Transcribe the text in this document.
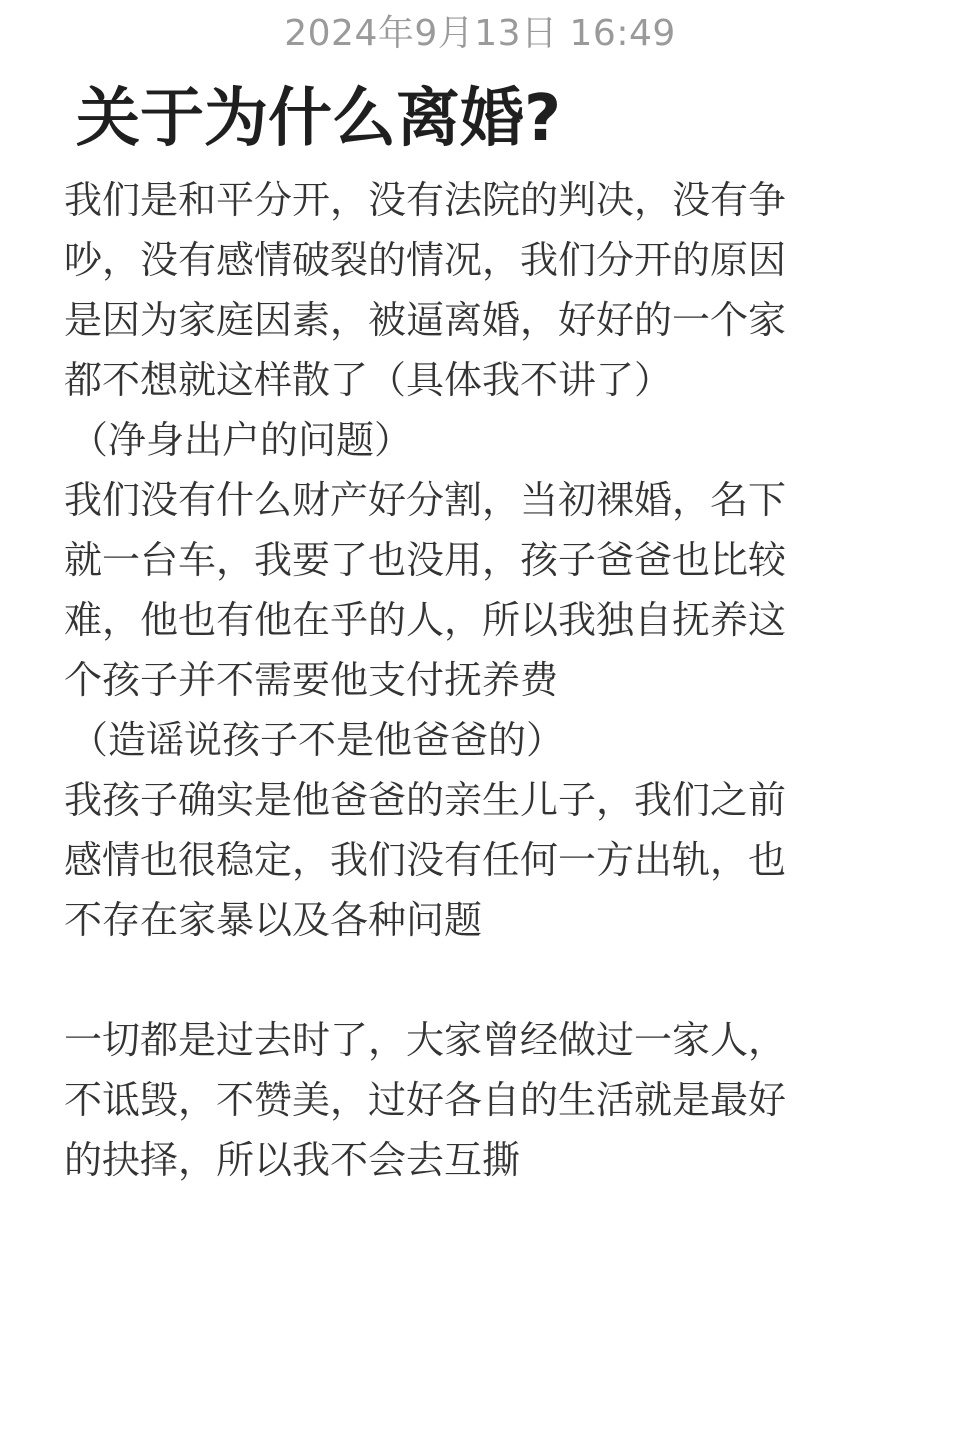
2024年9月13日 16:49
关于为什么离婚?
我们是和平分开，没有法院的判决，没有争
吵，没有感情破裂的情况，我们分开的原因
是因为家庭因素，被逼离婚，好好的一个家
都不想就这样散了（具体我不讲了）
（净身出户的问题）
我们没有什么财产好分割，当初裸婚，名下
就一台车，我要了也没用，孩子爸爸也比较
难，他也有他在乎的人，所以我独自抚养这
个孩子并不需要他支付抚养费
（造谣说孩子不是他爸爸的）
我孩子确实是他爸爸的亲生儿子，我们之前
感情也很稳定，我们没有任何一方出轨，也
不存在家暴以及各种问题
一切都是过去时了，大家曾经做过一家人，
不诋毁，不赞美，过好各自的生活就是最好
的抉择，所以我不会去互撕
